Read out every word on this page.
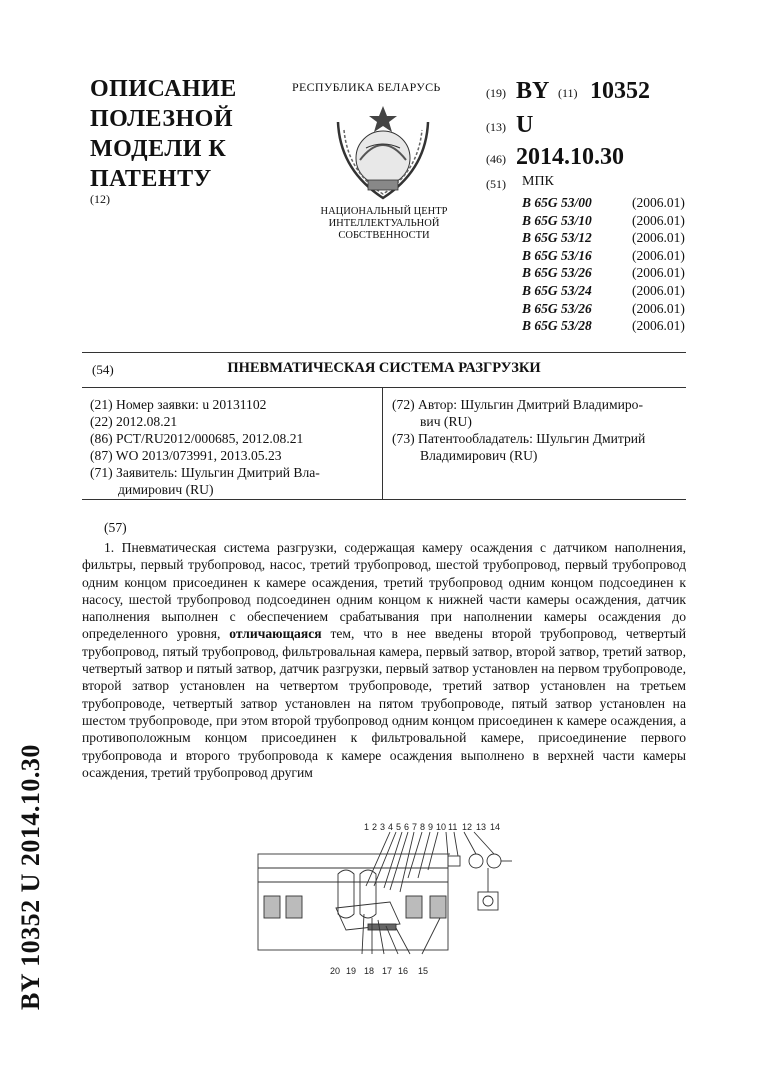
ОПИСАНИЕ
ПОЛЕЗНОЙ
МОДЕЛИ К
ПАТЕНТУ
(12)
РЕСПУБЛИКА БЕЛАРУСЬ
НАЦИОНАЛЬНЫЙ ЦЕНТР
ИНТЕЛЛЕКТУАЛЬНОЙ
СОБСТВЕННОСТИ
(19) BY (11) 10352
(13) U
(46) 2014.10.30
(51) МПК
B 65G 53/00	(2006.01)
B 65G 53/10	(2006.01)
B 65G 53/12	(2006.01)
B 65G 53/16	(2006.01)
B 65G 53/26	(2006.01)
B 65G 53/24	(2006.01)
B 65G 53/26	(2006.01)
B 65G 53/28	(2006.01)
(54)	ПНЕВМАТИЧЕСКАЯ СИСТЕМА РАЗГРУЗКИ
(21) Номер заявки: u 20131102
(22) 2012.08.21
(86) PCT/RU2012/000685, 2012.08.21
(87) WO 2013/073991, 2013.05.23
(71) Заявитель: Шульгин Дмитрий Вла-
димирович (RU)
(72) Автор: Шульгин Дмитрий Владимиро-
вич (RU)
(73) Патентообладатель: Шульгин Дмитрий
Владимирович (RU)
(57)
1. Пневматическая система разгрузки, содержащая камеру осаждения с датчиком наполнения, фильтры, первый трубопровод, насос, третий трубопровод, шестой трубопровод, первый трубопровод одним концом присоединен к камере осаждения, третий трубопровод одним концом подсоединен к насосу, шестой трубопровод подсоединен одним концом к нижней части камеры осаждения, датчик наполнения выполнен с обеспечением срабатывания при наполнении камеры осаждения до определенного уровня, отличающаяся тем, что в нее введены второй трубопровод, четвертый трубопровод, пятый трубопровод, фильтровальная камера, первый затвор, второй затвор, третий затвор, четвертый затвор и пятый затвор, датчик разгрузки, первый затвор установлен на первом трубопроводе, второй затвор установлен на четвертом трубопроводе, третий затвор установлен на третьем трубопроводе, четвертый затвор установлен на пятом трубопроводе, пятый затвор установлен на шестом трубопроводе, при этом второй трубопровод одним концом присоединен к камере осаждения, а противоположным концом присоединен к фильтровальной камере, присоединение первого трубопровода и второго трубопровода к камере осаждения выполнено в верхней части камеры осаждения, третий трубопровод другим
1 2 3 4 5 6 7 8 9 10 11 12 13 14
20 19 18 17 16 15
BY 10352 U 2014.10.30
